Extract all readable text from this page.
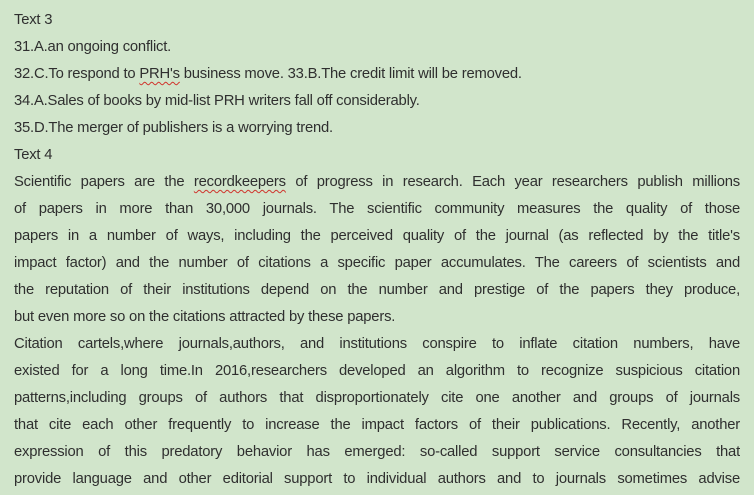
Text 3
31.A.an ongoing conflict.
32.C.To respond to PRH's business move. 33.B.The credit limit will be removed.
34.A.Sales of books by mid-list PRH writers fall off considerably.
35.D.The merger of publishers is a worrying trend.
Text 4
Scientific papers are the recordkeepers of progress in research. Each year researchers publish millions
of papers in more than 30,000 journals. The scientific community measures the quality of those
papers in a number of ways, including the perceived quality of the journal (as reflected by the title's
impact factor) and the number of citations a specific paper accumulates. The careers of scientists and
the reputation of their institutions depend on the number and prestige of the papers they produce,
but even more so on the citations attracted by these papers.
Citation cartels,where journals,authors, and institutions conspire to inflate citation numbers, have
existed for a long time.In 2016,researchers developed an algorithm to recognize suspicious citation
patterns,including groups of authors that disproportionately cite one another and groups of journals
that cite each other frequently to increase the impact factors of their publications. Recently, another
expression of this predatory behavior has emerged: so-called support service consultancies that
provide language and other editorial support to individual authors and to journals sometimes advise
